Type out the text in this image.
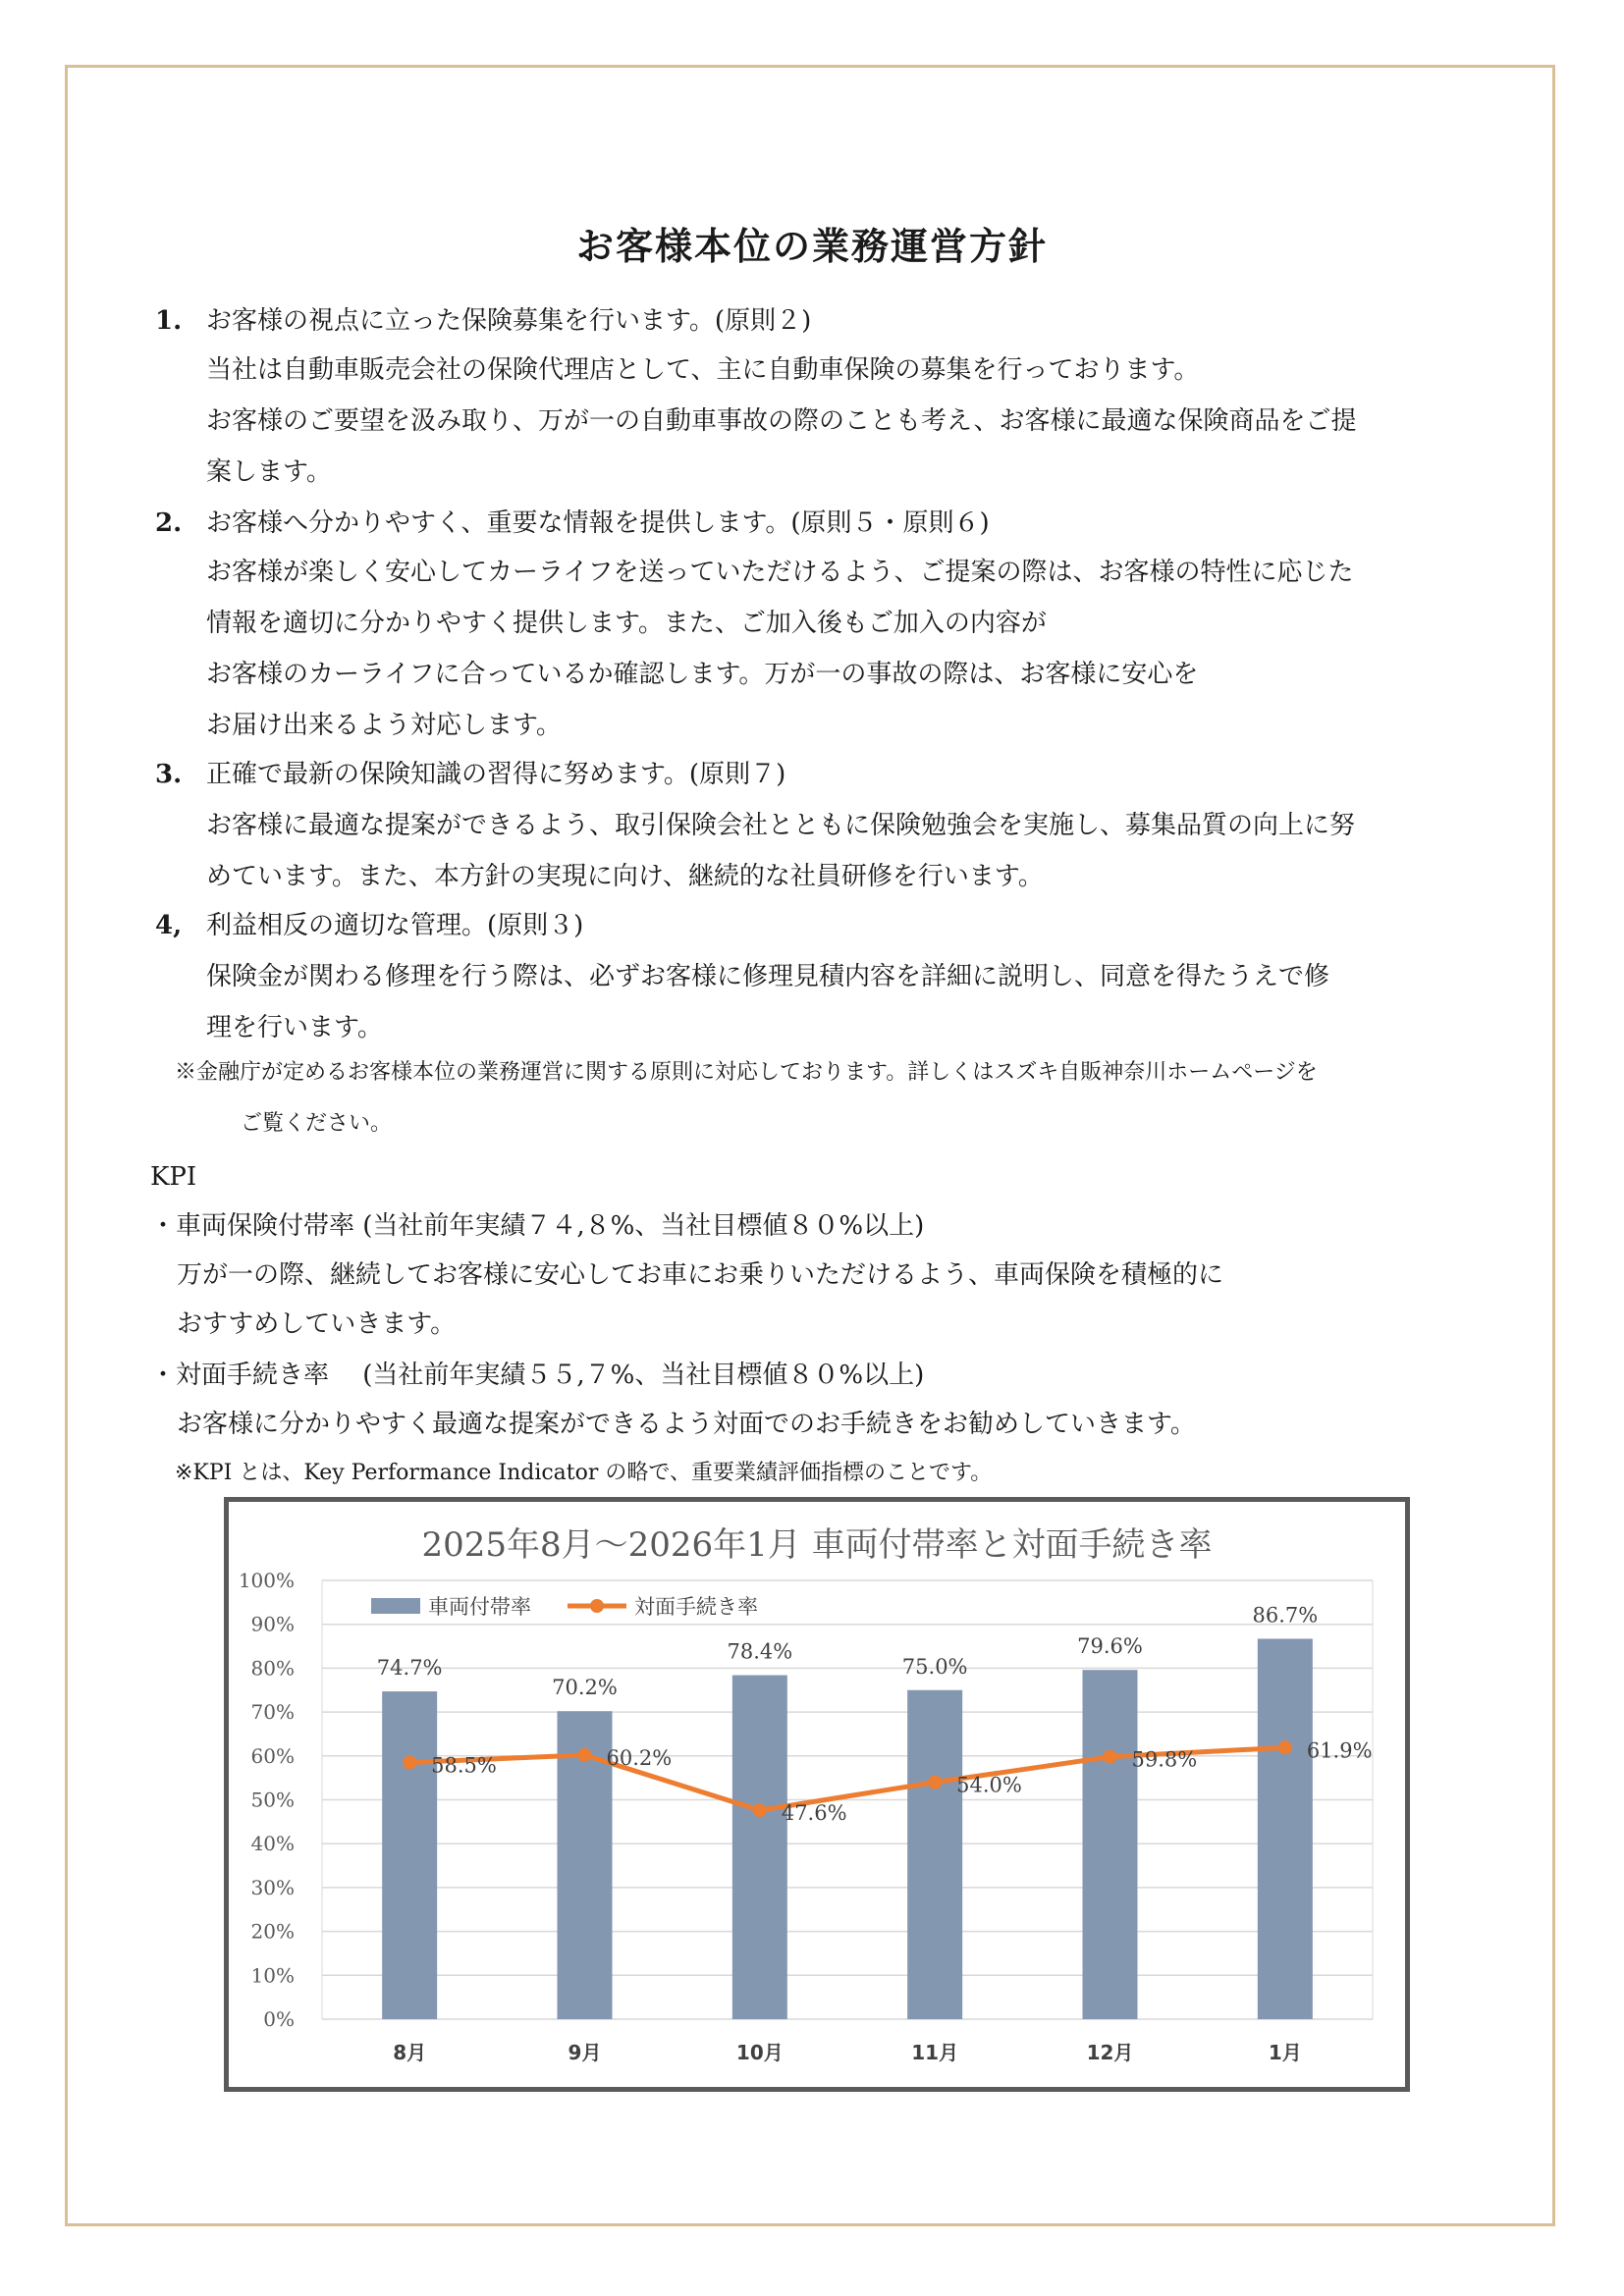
お客様本位の業務運営方針
1. お客様の視点に立った保険募集を行います。(原則２)
当社は自動車販売会社の保険代理店として、主に自動車保険の募集を行っております。
お客様のご要望を汲み取り、万が一の自動車事故の際のことも考え、お客様に最適な保険商品をご提
案します。
2. お客様へ分かりやすく、重要な情報を提供します。(原則５・原則６)
お客様が楽しく安心してカーライフを送っていただけるよう、ご提案の際は、お客様の特性に応じた
情報を適切に分かりやすく提供します。また、ご加入後もご加入の内容が
お客様のカーライフに合っているか確認します。万が一の事故の際は、お客様に安心を
お届け出来るよう対応します。
3. 正確で最新の保険知識の習得に努めます。(原則７)
お客様に最適な提案ができるよう、取引保険会社とともに保険勉強会を実施し、募集品質の向上に努
めています。また、本方針の実現に向け、継続的な社員研修を行います。
4, 利益相反の適切な管理。(原則３)
保険金が関わる修理を行う際は、必ずお客様に修理見積内容を詳細に説明し、同意を得たうえで修
理を行います。
※金融庁が定めるお客様本位の業務運営に関する原則に対応しております。詳しくはスズキ自販神奈川ホームページを
ご覧ください。
KPI
・車両保険付帯率 (当社前年実績７４,８%、当社目標値８０%以上)
万が一の際、継続してお客様に安心してお車にお乗りいただけるよう、車両保険を積極的に
おすすめしていきます。
・対面手続き率　 (当社前年実績５５,７%、当社目標値８０%以上)
お客様に分かりやすく最適な提案ができるよう対面でのお手続きをお勧めしていきます。
※KPI とは、Key Performance Indicator の略で、重要業績評価指標のことです。
2025年8月～2026年1月 車両付帯率と対面手続き率
0%
10%
20%
30%
40%
50%
60%
70%
80%
90%
100%
74.7%
70.2%
78.4%
75.0%
79.6%
86.7%
8月	9月	10月	11月	12月	1月
58.5%	60.2%
47.6%
54.0%
59.8%	61.9%
車両付帯率	対面手続き率
